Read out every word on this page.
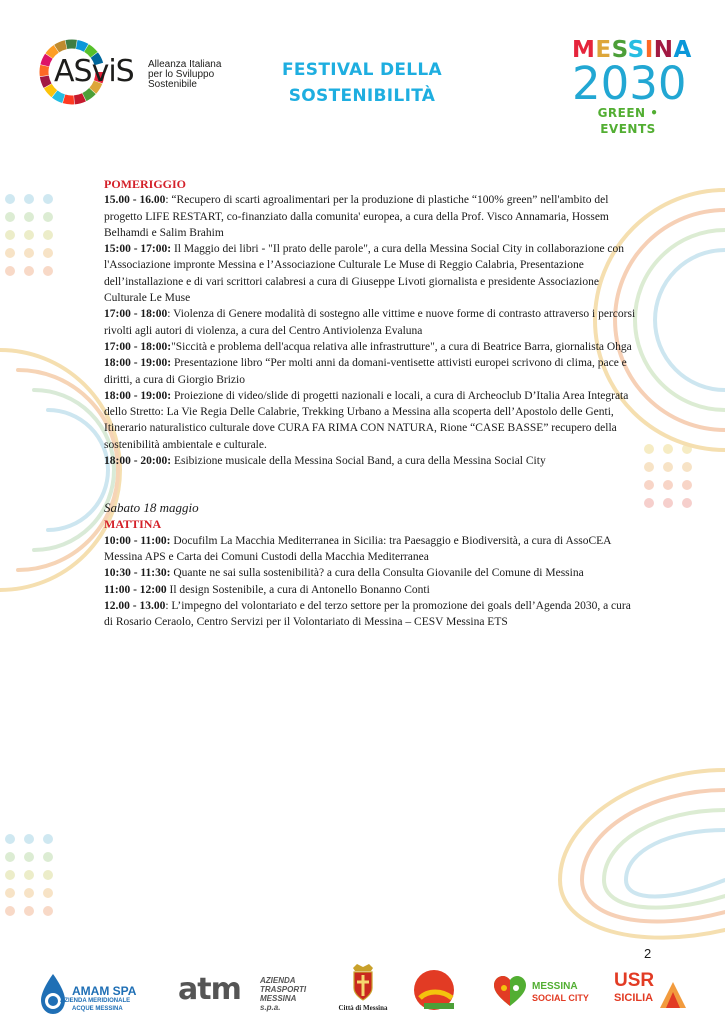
ASviS Alleanza Italiana
per lo Sviluppo
Sostenibile
FESTIVAL DELLA
SOSTENIBILITÀ
MESSINA
2030
GREEN • EVENTS
POMERIGGIO
15.00 - 16.00: “Recupero di scarti agroalimentari per la produzione di plastiche “100% green” nell'ambito del progetto LIFE RESTART, co-finanziato dalla comunita' europea, a cura della Prof. Visco Annamaria, Hossem Belhamdi e Salim Brahim
15:00 - 17:00: Il Maggio dei libri - "Il prato delle parole", a cura della Messina Social City in collaborazione con l'Associazione impronte Messina e l’Associazione Culturale Le Muse di Reggio Calabria, Presentazione dell’installazione e di vari scrittori calabresi a cura di Giuseppe Livoti giornalista e presidente Associazione Culturale Le Muse
17:00 - 18:00: Violenza di Genere modalità di sostegno alle vittime e nuove forme di contrasto attraverso i percorsi rivolti agli autori di violenza, a cura del Centro Antiviolenza Evaluna
17:00 - 18:00:"Siccità e problema dell'acqua relativa alle infrastrutture", a cura di Beatrice Barra, giornalista Ohga
18:00 - 19:00: Presentazione libro “Per molti anni da domani-ventisette attivisti europei scrivono di clima, pace e diritti, a cura di Giorgio Brizio
18:00 - 19:00: Proiezione di video/slide di progetti nazionali e locali, a cura di Archeoclub D’Italia Area Integrata dello Stretto: La Vie Regia Delle Calabrie, Trekking Urbano a Messina alla scoperta dell’Apostolo delle Genti, Itinerario naturalistico culturale dove CURA FA RIMA CON NATURA, Rione “CASE BASSE” recupero della sostenibilità ambientale e culturale.
18:00 - 20:00: Esibizione musicale della Messina Social Band, a cura della Messina Social City
Sabato 18 maggio
MATTINA
10:00 - 11:00: Docufilm La Macchia Mediterranea in Sicilia: tra Paesaggio e Biodiversità, a cura di AssoCEA Messina APS e Carta dei Comuni Custodi della Macchia Mediterranea
10:30 - 11:30: Quante ne sai sulla sostenibilità? a cura della Consulta Giovanile del Comune di Messina
11:00 - 12:00 Il design Sostenibile, a cura di Antonello Bonanno Conti
12.00 - 13.00: L’impegno del volontariato e del terzo settore per la promozione dei goals dell’Agenda 2030, a cura di Rosario Ceraolo, Centro Servizi per il Volontariato di Messina – CESV Messina ETS
2
AMAM SPA
AZIENDA MERIDIONALE
ACQUE MESSINA
atm AZIENDA
TRASPORTI
MESSINA s.p.a.	Città di Messina
MESSINA
SOCIAL CITY
USR
SICILIA
